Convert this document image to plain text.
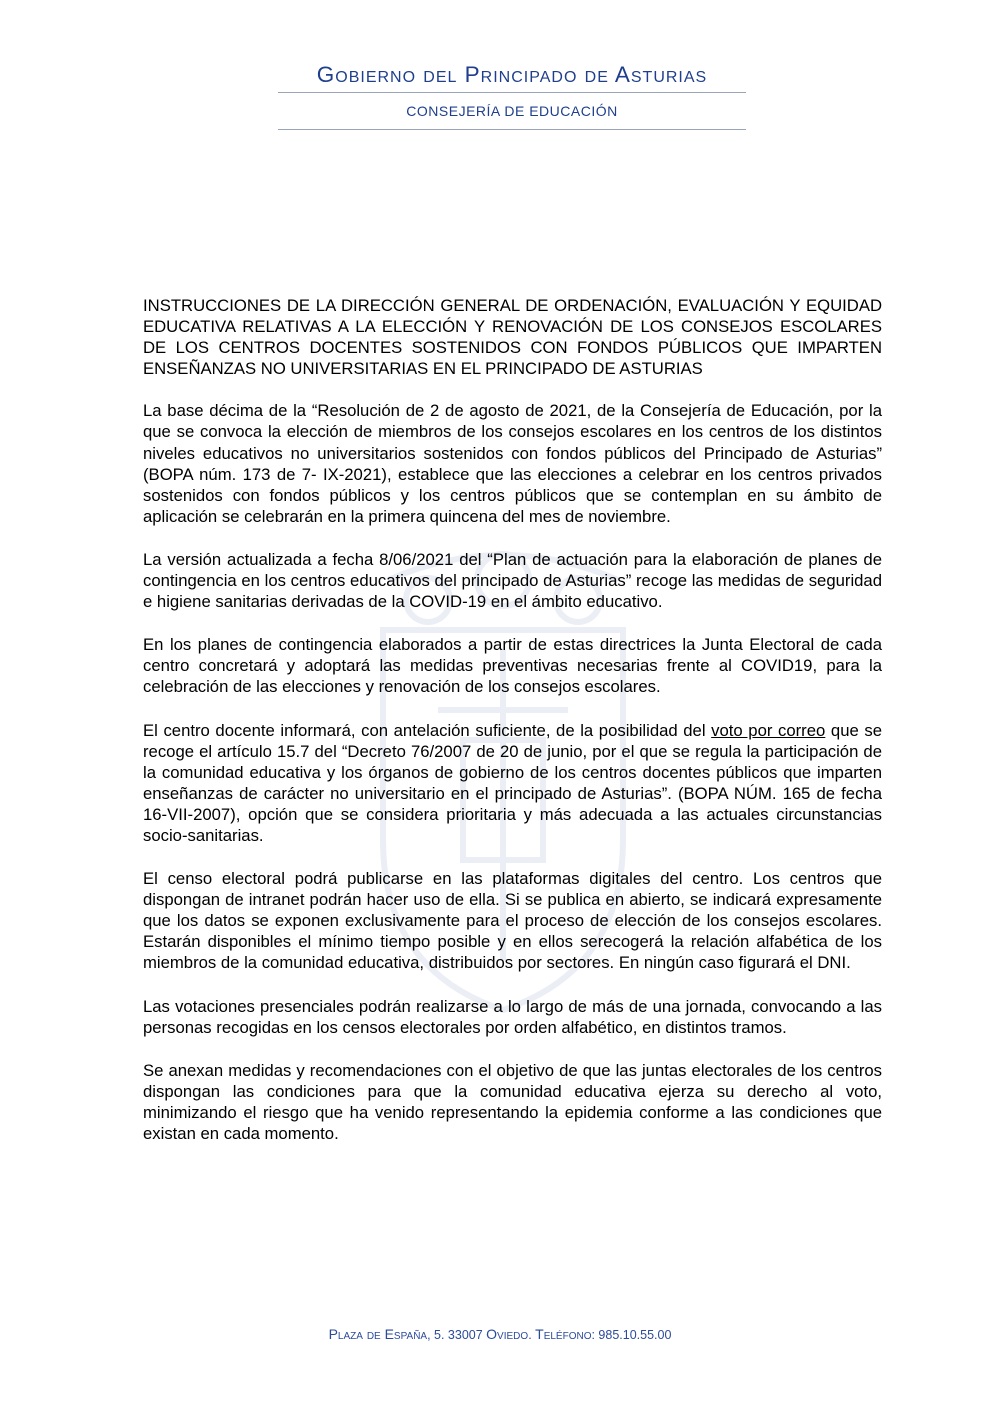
Gobierno del Principado de Asturias
CONSEJERÍA DE EDUCACIÓN

INSTRUCCIONES DE LA DIRECCIÓN GENERAL DE ORDENACIÓN, EVALUACIÓN Y EQUIDAD EDUCATIVA RELATIVAS A LA ELECCIÓN Y RENOVACIÓN DE LOS CONSEJOS ESCOLARES DE LOS CENTROS DOCENTES SOSTENIDOS CON FONDOS PÚBLICOS QUE IMPARTEN ENSEÑANZAS NO UNIVERSITARIAS EN EL PRINCIPADO DE ASTURIAS

La base décima de la “Resolución de 2 de agosto de 2021, de la Consejería de Educación, por la que se convoca la elección de miembros de los consejos escolares en los centros de los distintos niveles educativos no universitarios sostenidos con fondos públicos del Principado de Asturias” (BOPA núm. 173 de 7- IX-2021), establece que las elecciones a celebrar en los centros privados sostenidos con fondos públicos y los centros públicos que se contemplan en su ámbito de aplicación se celebrarán en la primera quincena del mes de noviembre.

La versión actualizada a fecha 8/06/2021 del “Plan de actuación para la elaboración de planes de contingencia en los centros educativos del principado de Asturias” recoge las medidas de seguridad e higiene sanitarias derivadas de la COVID-19 en el ámbito educativo.

En los planes de contingencia elaborados a partir de estas directrices la Junta Electoral de cada centro concretará y adoptará las medidas preventivas necesarias frente al COVID19, para la celebración de las elecciones y renovación de los consejos escolares.

El centro docente informará, con antelación suficiente, de la posibilidad del voto por correo que se recoge el artículo 15.7 del “Decreto 76/2007 de 20 de junio, por el que se regula la participación de la comunidad educativa y los órganos de gobierno de los centros docentes públicos que imparten enseñanzas de carácter no universitario en el principado de Asturias”. (BOPA NÚM. 165 de fecha 16-VII-2007), opción que se considera prioritaria y más adecuada a las actuales circunstancias socio-sanitarias.

El censo electoral podrá publicarse en las plataformas digitales del centro. Los centros que dispongan de intranet podrán hacer uso de ella. Si se publica en abierto, se indicará expresamente que los datos se exponen exclusivamente para el proceso de elección de los consejos escolares. Estarán disponibles el mínimo tiempo posible y en ellos serecogerá la relación alfabética de los miembros de la comunidad educativa, distribuidos por sectores. En ningún caso figurará el DNI.

Las votaciones presenciales podrán realizarse a lo largo de más de una jornada, convocando a las personas recogidas en los censos electorales por orden alfabético, en distintos tramos.

Se anexan medidas y recomendaciones con el objetivo de que las juntas electorales de los centros dispongan las condiciones para que la comunidad educativa ejerza su derecho al voto, minimizando el riesgo que ha venido representando la epidemia conforme a las condiciones que existan en cada momento.

Plaza de España, 5. 33007 Oviedo. Teléfono: 985.10.55.00
